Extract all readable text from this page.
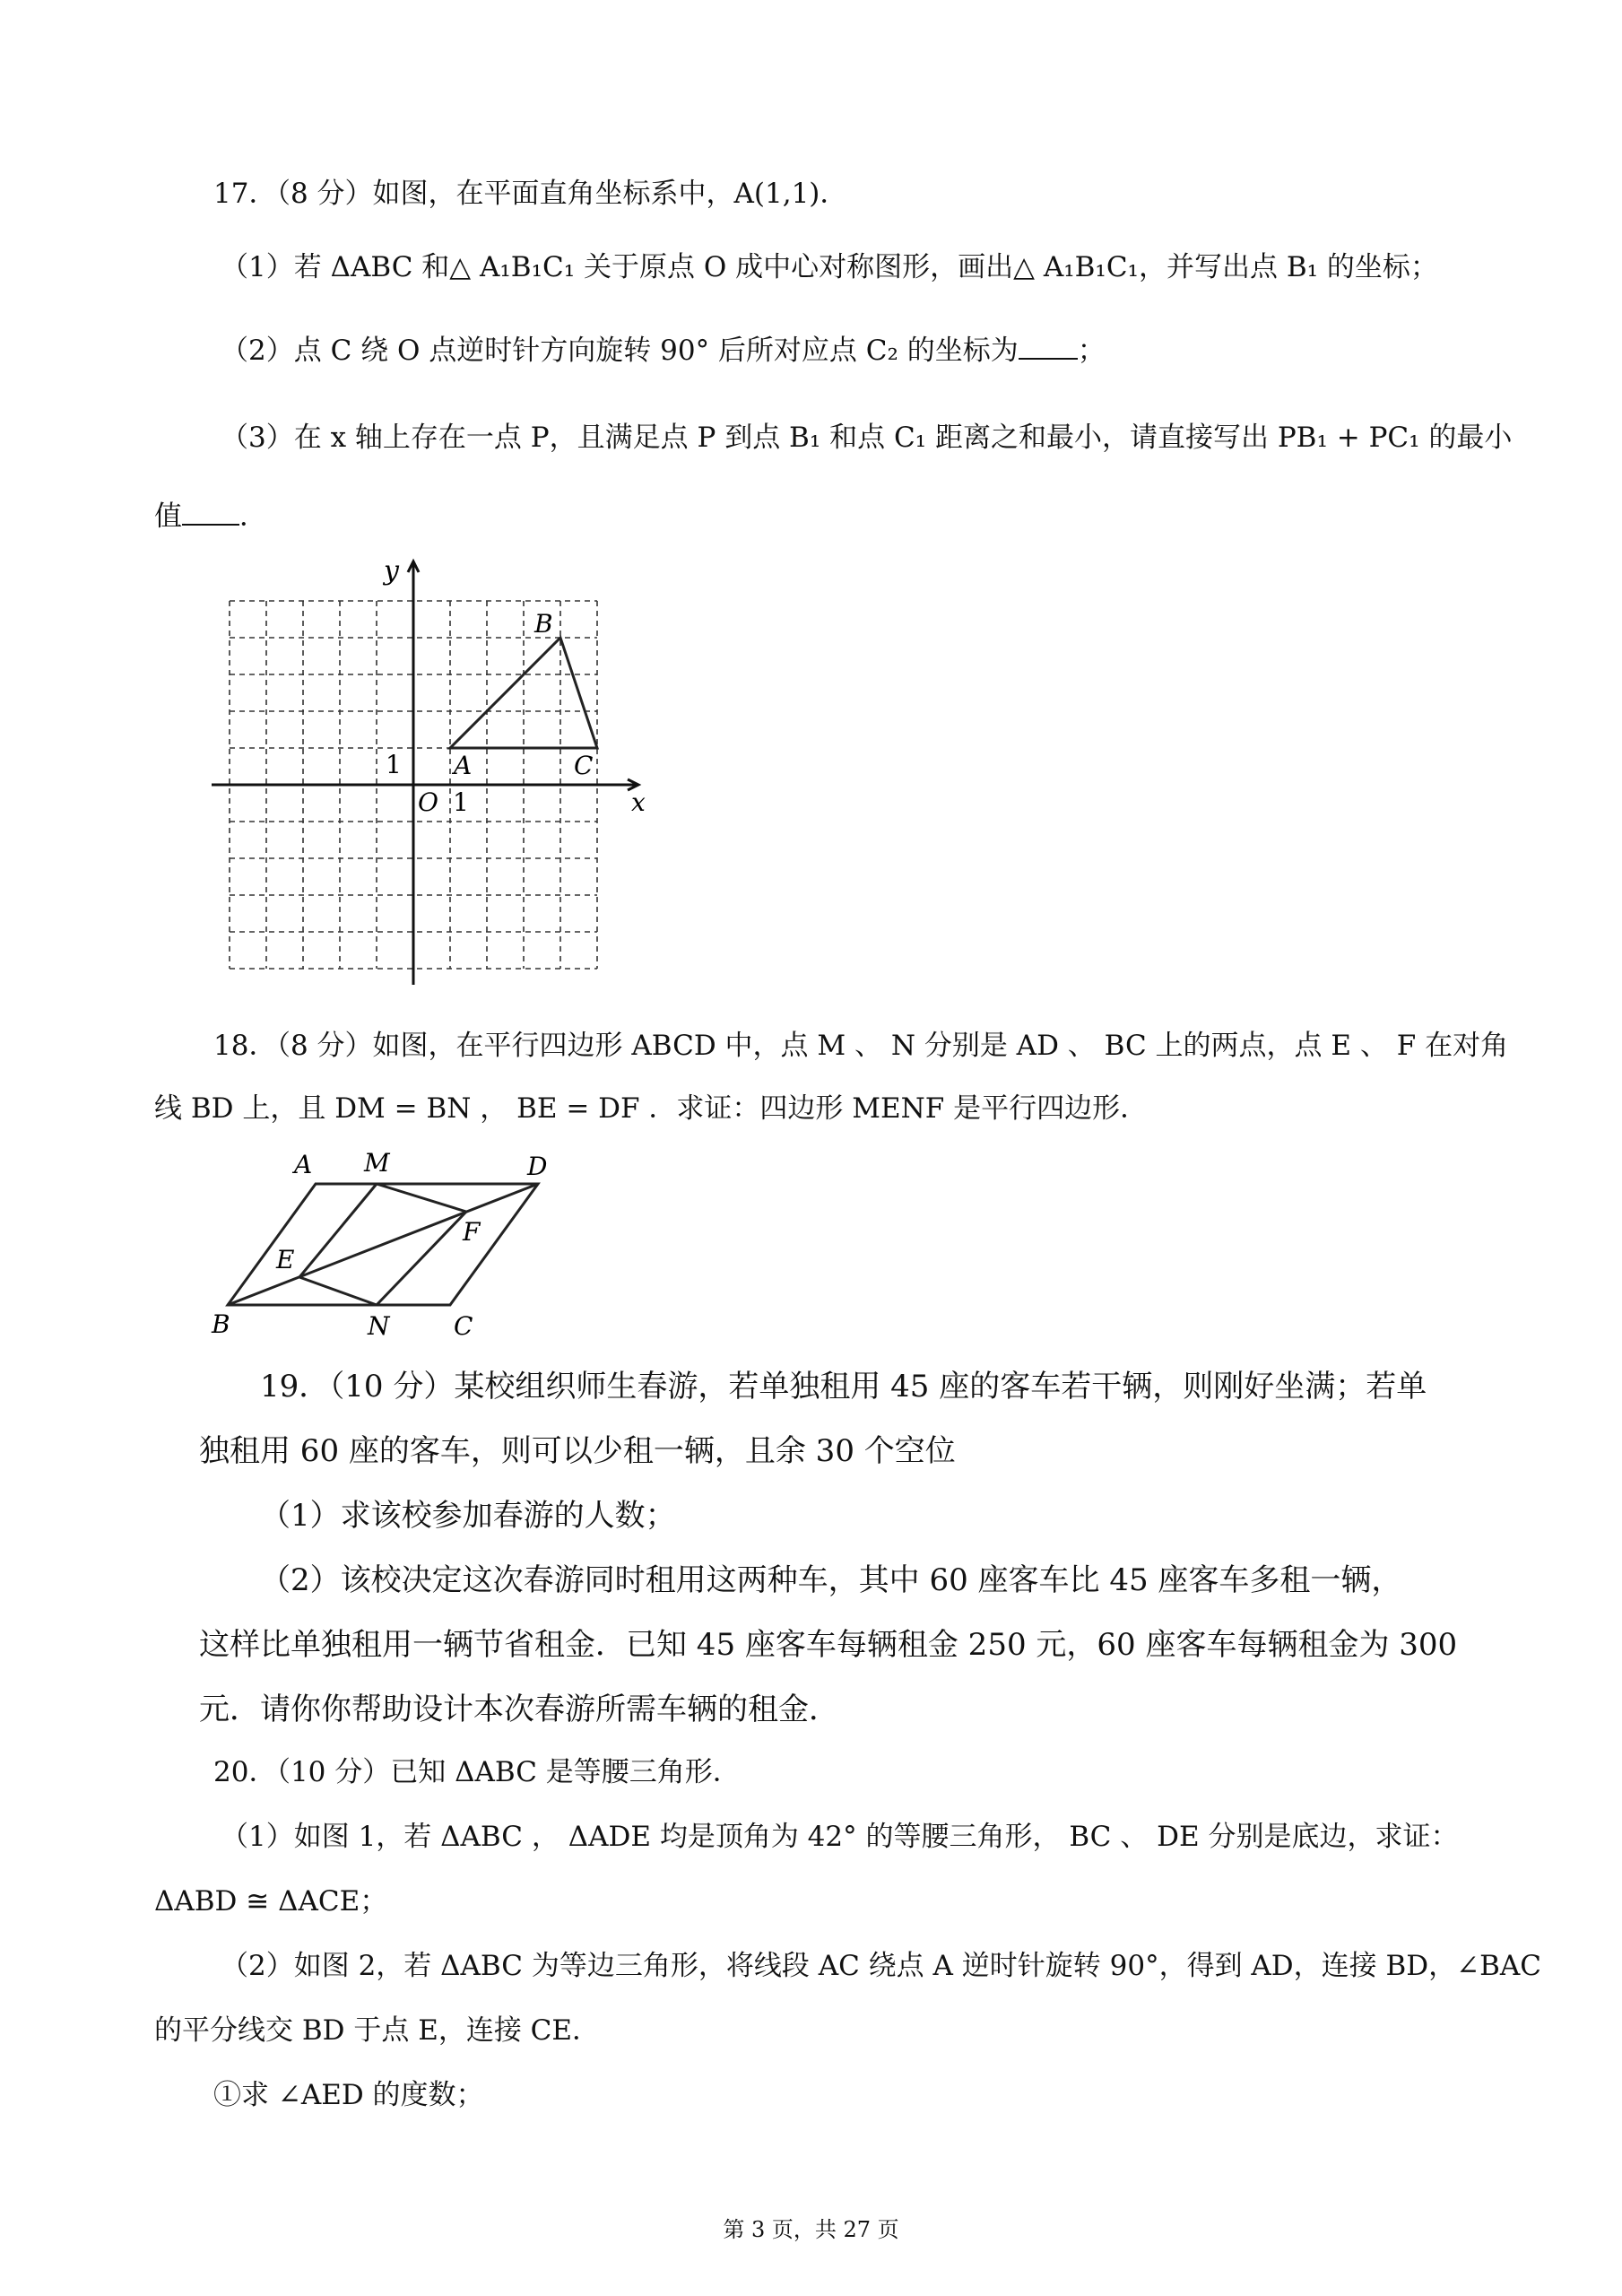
17．（8 分）如图，在平面直角坐标系中，A(1,1)．
（1）若 ΔABC 和△ A₁B₁C₁ 关于原点 O 成中心对称图形，画出△ A₁B₁C₁，并写出点 B₁ 的坐标；
（2）点 C 绕 O 点逆时针方向旋转 90° 后所对应点 C₂ 的坐标为 ；
（3）在 x 轴上存在一点 P，且满足点 P 到点 B₁ 和点 C₁ 距离之和最小，请直接写出 PB₁ + PC₁ 的最小
值 ．
y
x
O 1
1 A
B
C
18．（8 分）如图，在平行四边形 ABCD 中，点 M 、 N 分别是 AD 、 BC 上的两点，点 E 、 F 在对角
线 BD 上，且 DM = BN ， BE = DF ．求证：四边形 MENF 是平行四边形．
A M	D
E
F
B	N	C
19．（10 分）某校组织师生春游，若单独租用 45 座的客车若干辆，则刚好坐满；若单
独租用 60 座的客车，则可以少租一辆，且余 30 个空位
（1）求该校参加春游的人数；
（2）该校决定这次春游同时租用这两种车，其中 60 座客车比 45 座客车多租一辆，
这样比单独租用一辆节省租金．已知 45 座客车每辆租金 250 元，60 座客车每辆租金为 300
元．请你你帮助设计本次春游所需车辆的租金．
20．（10 分）已知 ΔABC 是等腰三角形．
（1）如图 1，若 ΔABC ， ΔADE 均是顶角为 42° 的等腰三角形， BC 、 DE 分别是底边，求证：
ΔABD ≅ ΔACE；
（2）如图 2，若 ΔABC 为等边三角形，将线段 AC 绕点 A 逆时针旋转 90°，得到 AD，连接 BD，∠BAC
的平分线交 BD 于点 E，连接 CE．
①求 ∠AED 的度数；
第 3 页，共 27 页
